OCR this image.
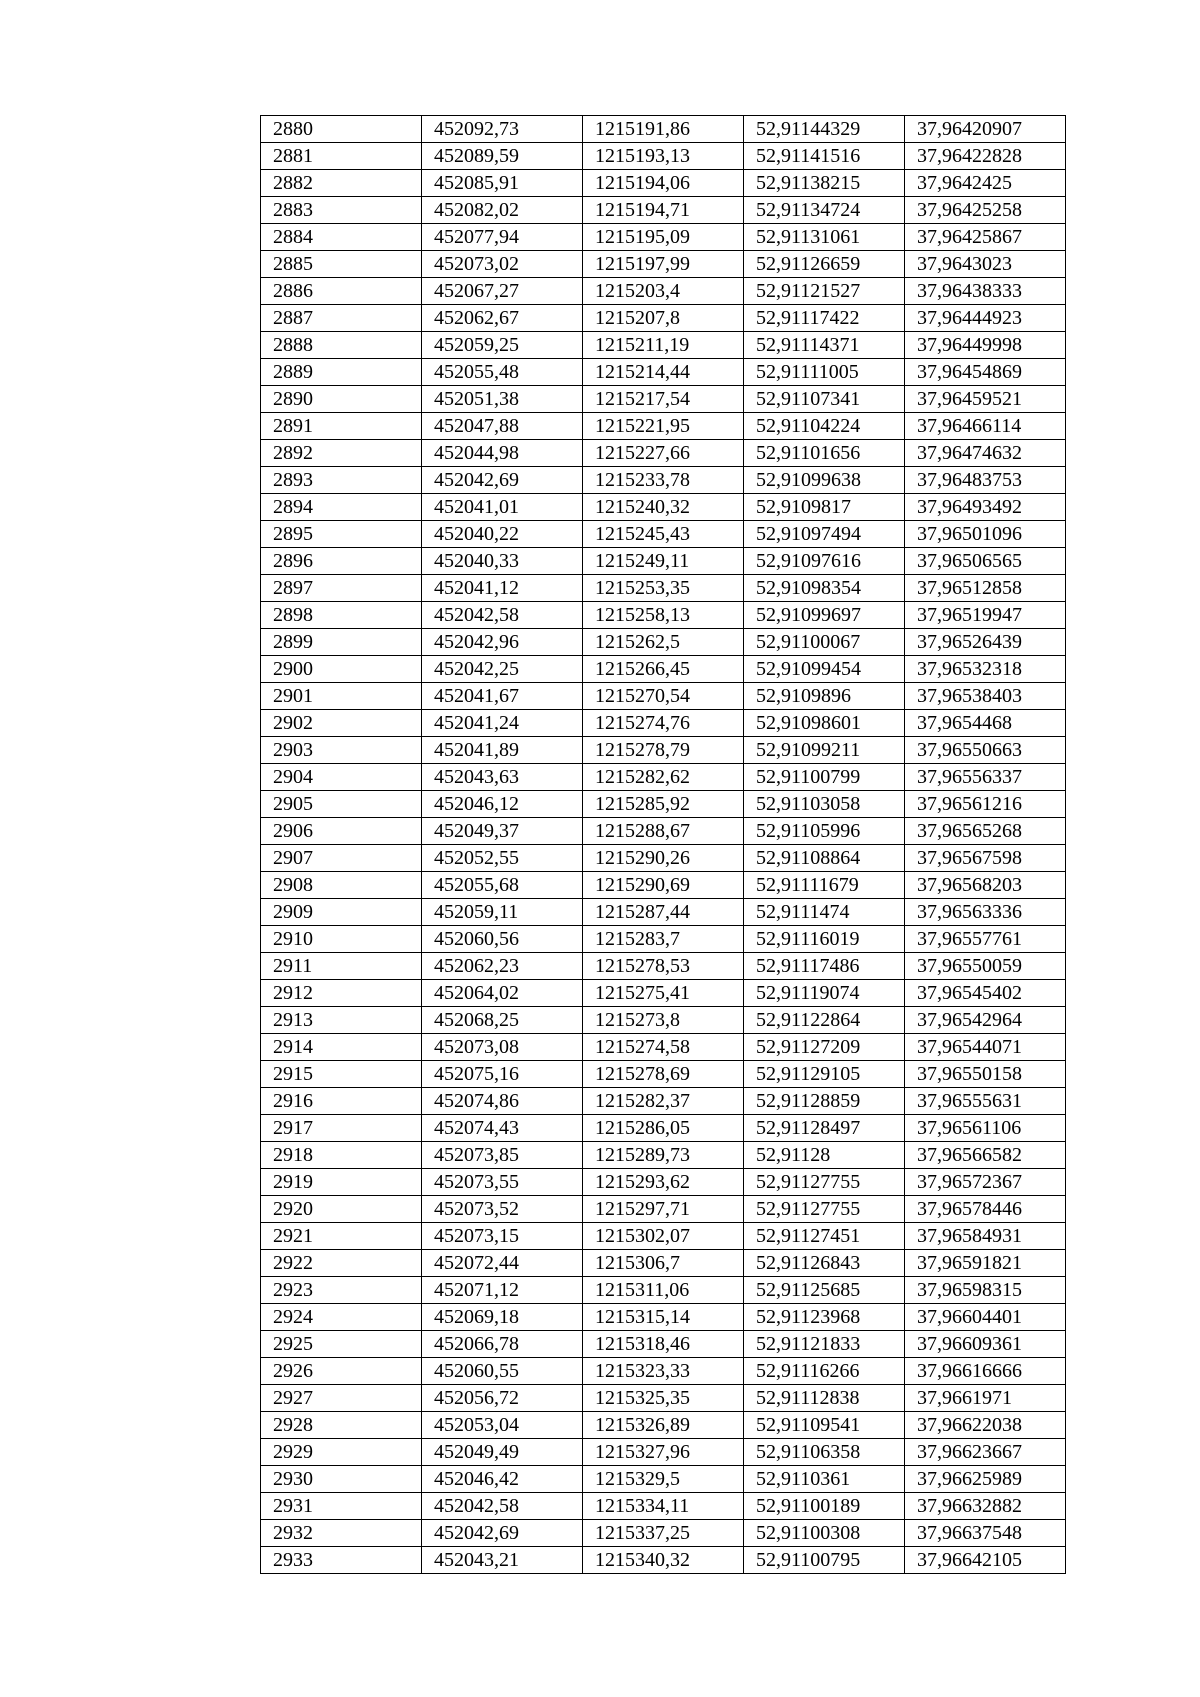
2880	452092,73	1215191,86	52,91144329	37,96420907
2881	452089,59	1215193,13	52,91141516	37,96422828
2882	452085,91	1215194,06	52,91138215	37,9642425
2883	452082,02	1215194,71	52,91134724	37,96425258
2884	452077,94	1215195,09	52,91131061	37,96425867
2885	452073,02	1215197,99	52,91126659	37,9643023
2886	452067,27	1215203,4	52,91121527	37,96438333
2887	452062,67	1215207,8	52,91117422	37,96444923
2888	452059,25	1215211,19	52,91114371	37,96449998
2889	452055,48	1215214,44	52,91111005	37,96454869
2890	452051,38	1215217,54	52,91107341	37,96459521
2891	452047,88	1215221,95	52,91104224	37,96466114
2892	452044,98	1215227,66	52,91101656	37,96474632
2893	452042,69	1215233,78	52,91099638	37,96483753
2894	452041,01	1215240,32	52,9109817	37,96493492
2895	452040,22	1215245,43	52,91097494	37,96501096
2896	452040,33	1215249,11	52,91097616	37,96506565
2897	452041,12	1215253,35	52,91098354	37,96512858
2898	452042,58	1215258,13	52,91099697	37,96519947
2899	452042,96	1215262,5	52,91100067	37,96526439
2900	452042,25	1215266,45	52,91099454	37,96532318
2901	452041,67	1215270,54	52,9109896	37,96538403
2902	452041,24	1215274,76	52,91098601	37,9654468
2903	452041,89	1215278,79	52,91099211	37,96550663
2904	452043,63	1215282,62	52,91100799	37,96556337
2905	452046,12	1215285,92	52,91103058	37,96561216
2906	452049,37	1215288,67	52,91105996	37,96565268
2907	452052,55	1215290,26	52,91108864	37,96567598
2908	452055,68	1215290,69	52,91111679	37,96568203
2909	452059,11	1215287,44	52,9111474	37,96563336
2910	452060,56	1215283,7	52,91116019	37,96557761
2911	452062,23	1215278,53	52,91117486	37,96550059
2912	452064,02	1215275,41	52,91119074	37,96545402
2913	452068,25	1215273,8	52,91122864	37,96542964
2914	452073,08	1215274,58	52,91127209	37,96544071
2915	452075,16	1215278,69	52,91129105	37,96550158
2916	452074,86	1215282,37	52,91128859	37,96555631
2917	452074,43	1215286,05	52,91128497	37,96561106
2918	452073,85	1215289,73	52,91128	37,96566582
2919	452073,55	1215293,62	52,91127755	37,96572367
2920	452073,52	1215297,71	52,91127755	37,96578446
2921	452073,15	1215302,07	52,91127451	37,96584931
2922	452072,44	1215306,7	52,91126843	37,96591821
2923	452071,12	1215311,06	52,91125685	37,96598315
2924	452069,18	1215315,14	52,91123968	37,96604401
2925	452066,78	1215318,46	52,91121833	37,96609361
2926	452060,55	1215323,33	52,91116266	37,96616666
2927	452056,72	1215325,35	52,91112838	37,9661971
2928	452053,04	1215326,89	52,91109541	37,96622038
2929	452049,49	1215327,96	52,91106358	37,96623667
2930	452046,42	1215329,5	52,9110361	37,96625989
2931	452042,58	1215334,11	52,91100189	37,96632882
2932	452042,69	1215337,25	52,91100308	37,96637548
2933	452043,21	1215340,32	52,91100795	37,96642105
